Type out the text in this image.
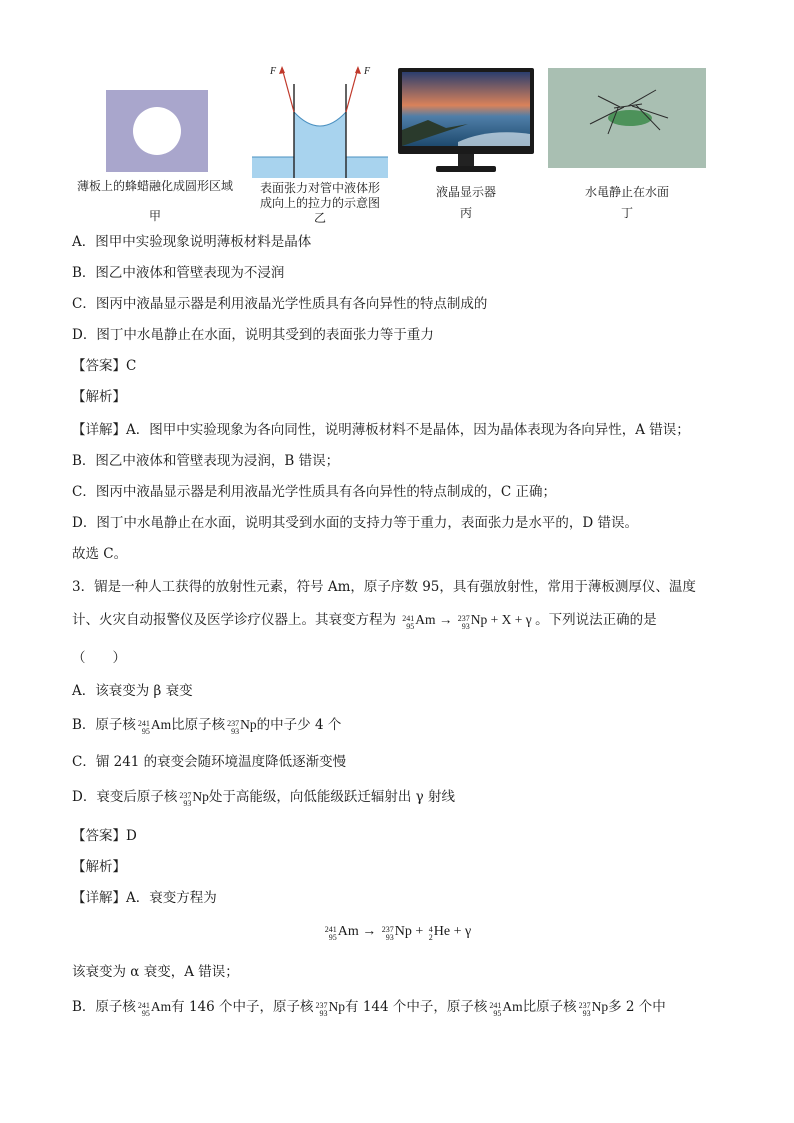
薄板上的蜂蜡融化成圆形区域
甲
F	F
表面张力对管中液体形
成向上的拉力的示意图
乙
液晶显示器
丙
水黾静止在水面
丁
A．图甲中实验现象说明薄板材料是晶体
B．图乙中液体和管壁表现为不浸润
C．图丙中液晶显示器是利用液晶光学性质具有各向异性的特点制成的
D．图丁中水黾静止在水面，说明其受到的表面张力等于重力
【答案】C
【解析】
【详解】A．图甲中实验现象为各向同性，说明薄板材料不是晶体，因为晶体表现为各向异性，A 错误；
B．图乙中液体和管壁表现为浸润，B 错误；
C．图丙中液晶显示器是利用液晶光学性质具有各向异性的特点制成的，C 正确；
D．图丁中水黾静止在水面，说明其受到水面的支持力等于重力，表面张力是水平的，D 错误。
故选 C。
3．镅是一种人工获得的放射性元素，符号 Am，原子序数 95，具有强放射性，常用于薄板测厚仪、温度
计、火灾自动报警仪及医学诊疗仪器上。其衰变方程为 241
95 Am → 237
93 Np + X + γ 。下列说法正确的是
（　　）
A．该衰变为 β 衰变
B．原子核 241
95 Am比原子核 237
93 Np的中子少 4 个
C．镅 241 的衰变会随环境温度降低逐渐变慢
D．衰变后原子核 237
93 Np处于高能级，向低能级跃迁辐射出 γ 射线
【答案】D
【解析】
【详解】A．衰变方程为
241
95 Am → 237
93 Np + 4
2 He + γ
该衰变为 α 衰变，A 错误；
B．原子核 241
95 Am有 146 个中子，原子核 237
93 Np有 144 个中子，原子核 241
95 Am比原子核 237
93 Np多 2 个中
